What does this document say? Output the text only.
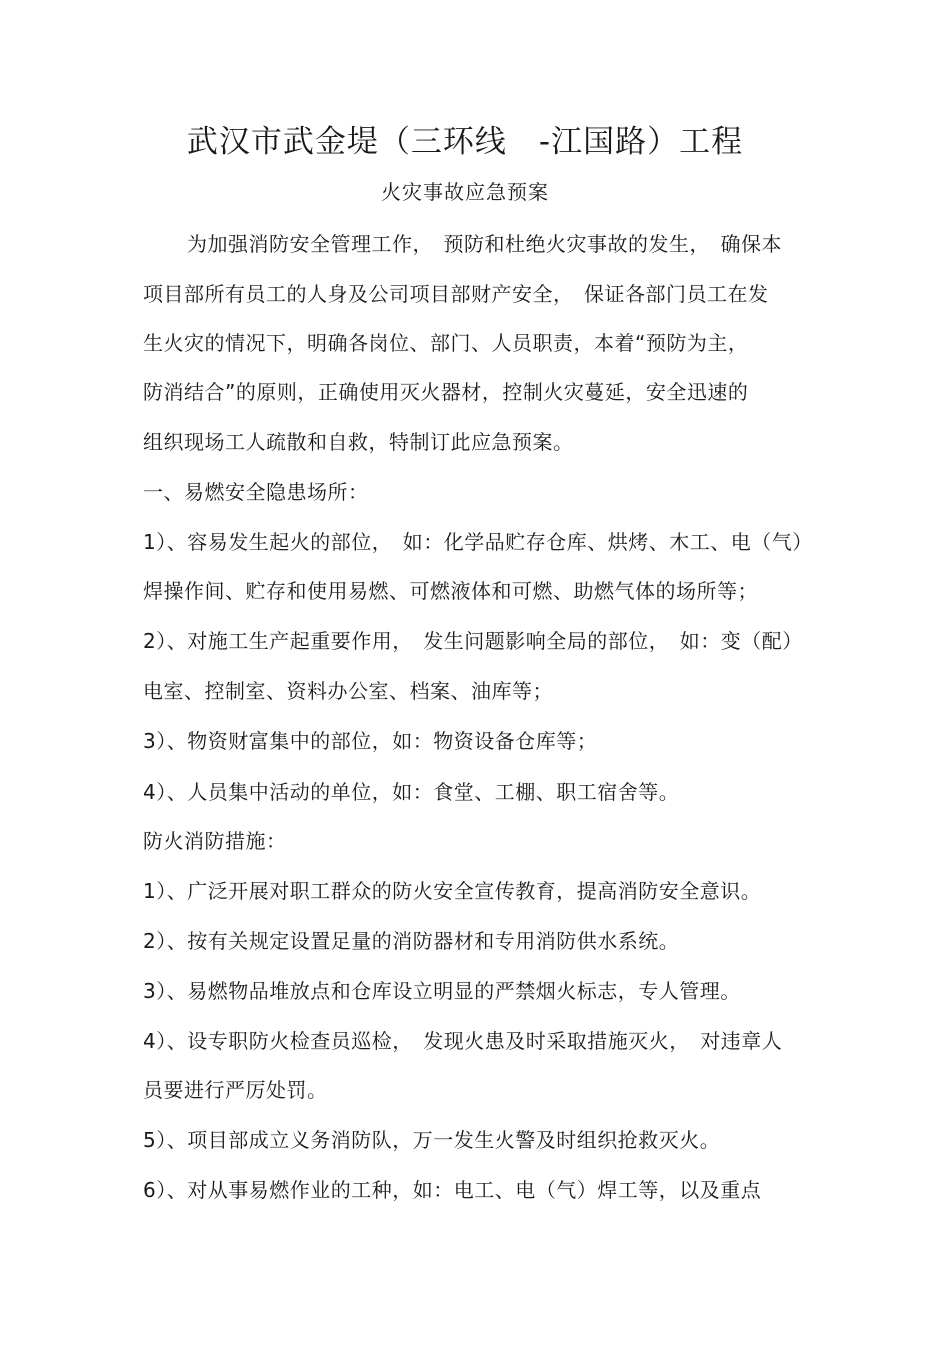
武汉市武金堤（三环线　-江国路）工程
火灾事故应急预案
为加强消防安全管理工作，　预防和杜绝火灾事故的发生，　确保本
项目部所有员工的人身及公司项目部财产安全，　保证各部门员工在发
生火灾的情况下，明确各岗位、部门、人员职责，本着“预防为主，
防消结合”的原则，正确使用灭火器材，控制火灾蔓延，安全迅速的
组织现场工人疏散和自救，特制订此应急预案。
一、易燃安全隐患场所：
1）、容易发生起火的部位，　如：化学品贮存仓库、烘烤、木工、电（气）
焊操作间、贮存和使用易燃、可燃液体和可燃、助燃气体的场所等；
2）、对施工生产起重要作用，　发生问题影响全局的部位，　如：变（配）
电室、控制室、资料办公室、档案、油库等；
3）、物资财富集中的部位，如：物资设备仓库等；
4）、人员集中活动的单位，如：食堂、工棚、职工宿舍等。
防火消防措施：
1）、广泛开展对职工群众的防火安全宣传教育，提高消防安全意识。
2）、按有关规定设置足量的消防器材和专用消防供水系统。
3）、易燃物品堆放点和仓库设立明显的严禁烟火标志，专人管理。
4）、设专职防火检查员巡检，　发现火患及时采取措施灭火，　对违章人
员要进行严厉处罚。
5）、项目部成立义务消防队，万一发生火警及时组织抢救灭火。
6）、对从事易燃作业的工种，如：电工、电（气）焊工等，以及重点
